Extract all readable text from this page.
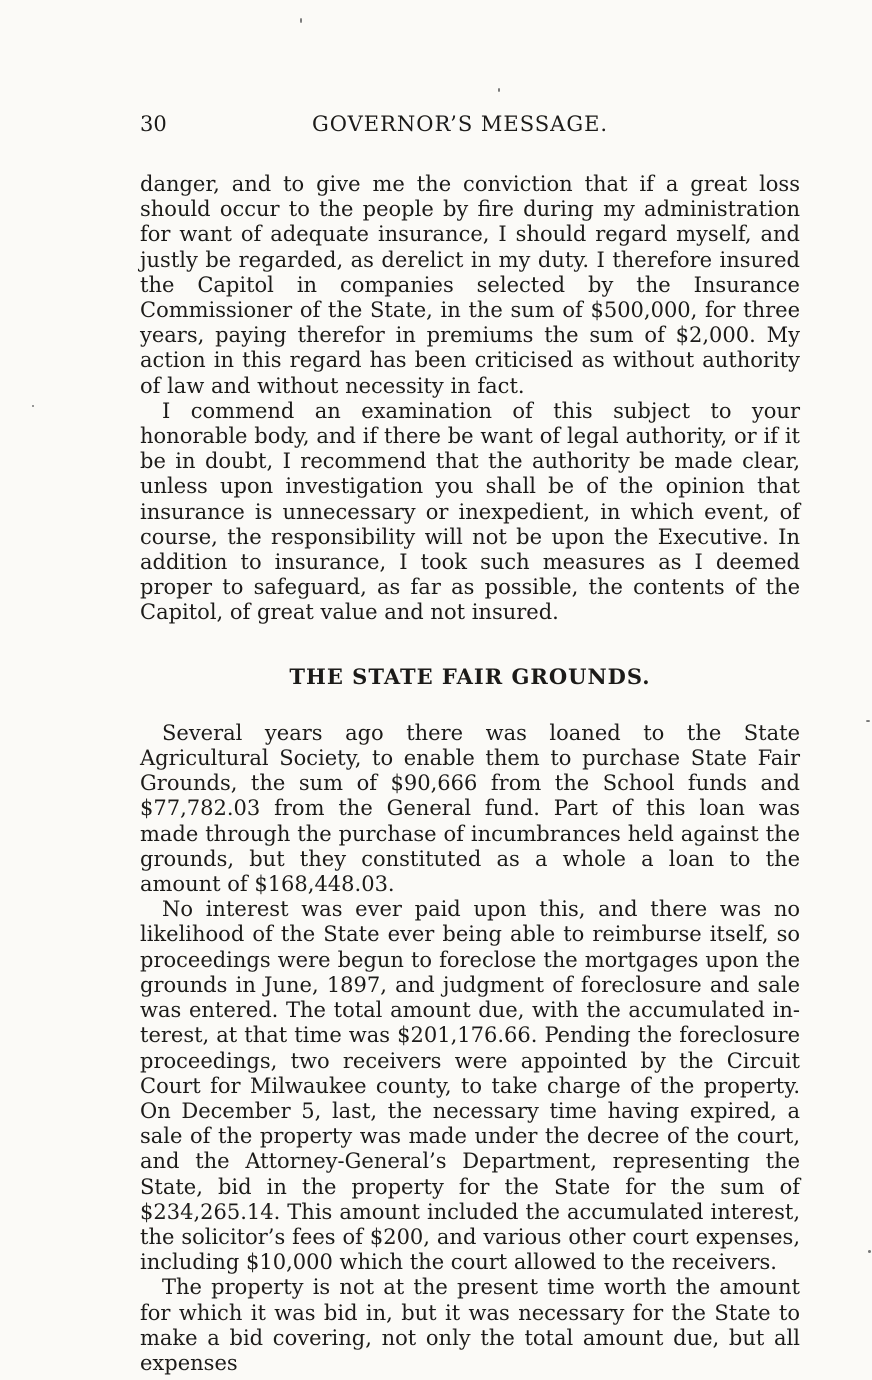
30	GOVERNOR’S MESSAGE.

danger, and to give me the conviction that if a great loss should occur to the people by fire during my administration for want of adequate insurance, I should regard myself, and justly be regarded, as derelict in my duty. I therefore insured the Capitol in companies selected by the Insurance Commissioner of the State, in the sum of $500,000, for three years, paying therefor in premiums the sum of $2,000. My action in this regard has been criticised as without authority of law and without necessity in fact.

I commend an examination of this subject to your honorable body, and if there be want of legal authority, or if it be in doubt, I recommend that the authority be made clear, unless upon investigation you shall be of the opinion that insurance is unnecessary or inexpedient, in which event, of course, the responsibility will not be upon the Executive. In addition to insurance, I took such measures as I deemed proper to safeguard, as far as possible, the contents of the Capitol, of great value and not insured.

THE STATE FAIR GROUNDS.

Several years ago there was loaned to the State Agricultural Society, to enable them to purchase State Fair Grounds, the sum of $90,666 from the School funds and $77,782.03 from the General fund. Part of this loan was made through the purchase of incumbrances held against the grounds, but they constituted as a whole a loan to the amount of $168,448.03.

No interest was ever paid upon this, and there was no likelihood of the State ever being able to reimburse itself, so proceedings were begun to foreclose the mortgages upon the grounds in June, 1897, and judgment of foreclosure and sale was entered. The total amount due, with the accumulated interest, at that time was $201,176.66. Pending the foreclosure proceedings, two receivers were appointed by the Circuit Court for Milwaukee county, to take charge of the property. On December 5, last, the necessary time having expired, a sale of the property was made under the decree of the court, and the Attorney-General’s Department, representing the State, bid in the property for the State for the sum of $234,265.14. This amount included the accumulated interest, the solicitor’s fees of $200, and various other court expenses, including $10,000 which the court allowed to the receivers.

The property is not at the present time worth the amount for which it was bid in, but it was necessary for the State to make a bid covering, not only the total amount due, but all expenses
